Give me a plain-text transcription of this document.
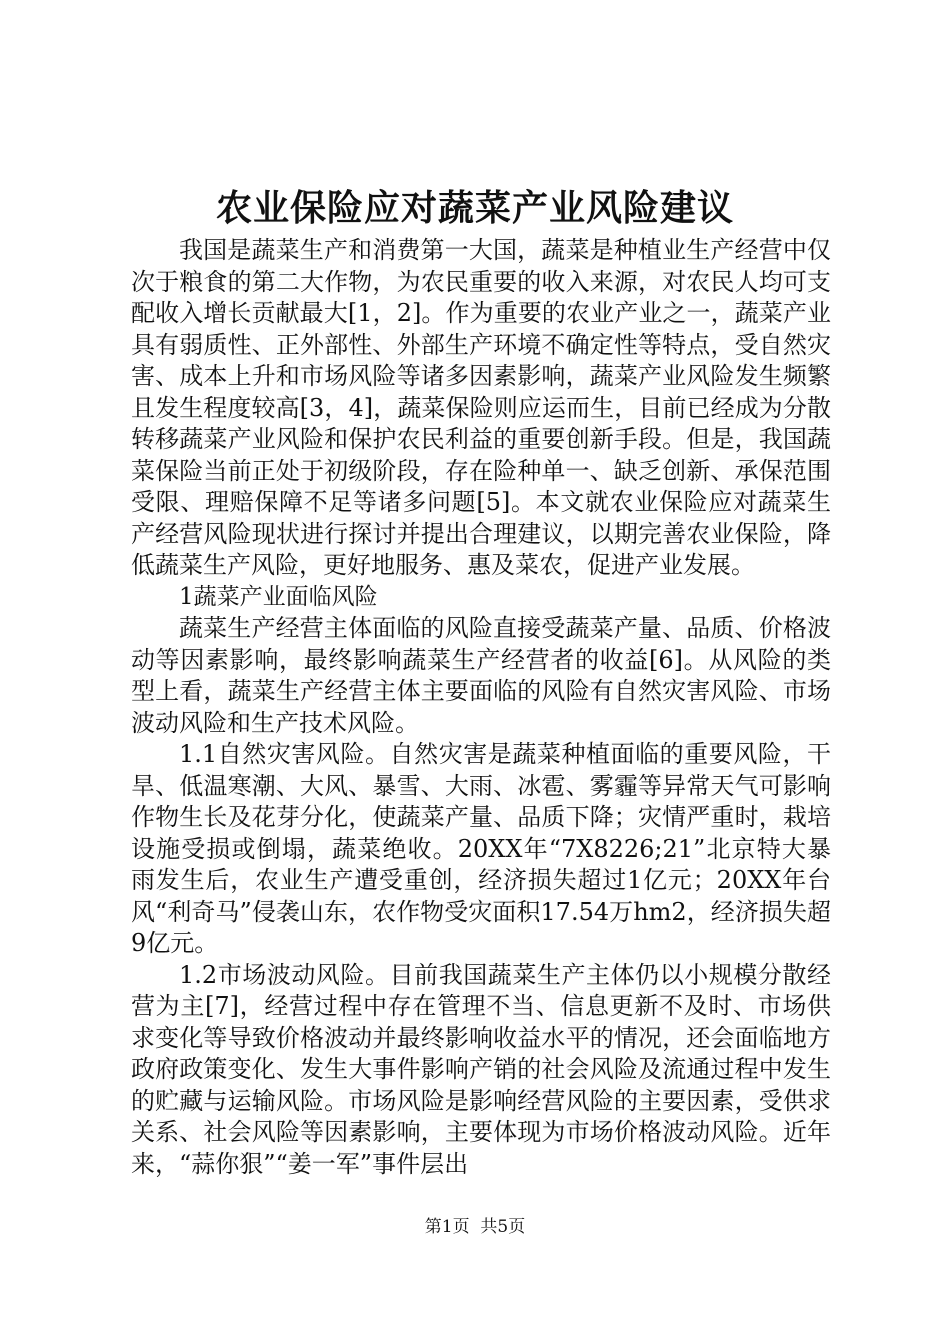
农业保险应对蔬菜产业风险建议

我国是蔬菜生产和消费第一大国，蔬菜是种植业生产经营中仅次于粮食的第二大作物，为农民重要的收入来源，对农民人均可支配收入增长贡献最大[1，2]。作为重要的农业产业之一，蔬菜产业具有弱质性、正外部性、外部生产环境不确定性等特点，受自然灾害、成本上升和市场风险等诸多因素影响，蔬菜产业风险发生频繁且发生程度较高[3，4]，蔬菜保险则应运而生，目前已经成为分散转移蔬菜产业风险和保护农民利益的重要创新手段。但是，我国蔬菜保险当前正处于初级阶段，存在险种单一、缺乏创新、承保范围受限、理赔保障不足等诸多问题[5]。本文就农业保险应对蔬菜生产经营风险现状进行探讨并提出合理建议，以期完善农业保险，降低蔬菜生产风险，更好地服务、惠及菜农，促进产业发展。

1蔬菜产业面临风险

蔬菜生产经营主体面临的风险直接受蔬菜产量、品质、价格波动等因素影响，最终影响蔬菜生产经营者的收益[6]。从风险的类型上看，蔬菜生产经营主体主要面临的风险有自然灾害风险、市场波动风险和生产技术风险。

1.1自然灾害风险。自然灾害是蔬菜种植面临的重要风险，干旱、低温寒潮、大风、暴雪、大雨、冰雹、雾霾等异常天气可影响作物生长及花芽分化，使蔬菜产量、品质下降；灾情严重时，栽培设施受损或倒塌，蔬菜绝收。20XX年“7X8226;21”北京特大暴雨发生后，农业生产遭受重创，经济损失超过1亿元；20XX年台风“利奇马”侵袭山东，农作物受灾面积17.54万hm2，经济损失超9亿元。

1.2市场波动风险。目前我国蔬菜生产主体仍以小规模分散经营为主[7]，经营过程中存在管理不当、信息更新不及时、市场供求变化等导致价格波动并最终影响收益水平的情况，还会面临地方政府政策变化、发生大事件影响产销的社会风险及流通过程中发生的贮藏与运输风险。市场风险是影响经营风险的主要因素，受供求关系、社会风险等因素影响，主要体现为市场价格波动风险。近年来，“蒜你狠”“姜一军”事件层出

第1页 共5页
